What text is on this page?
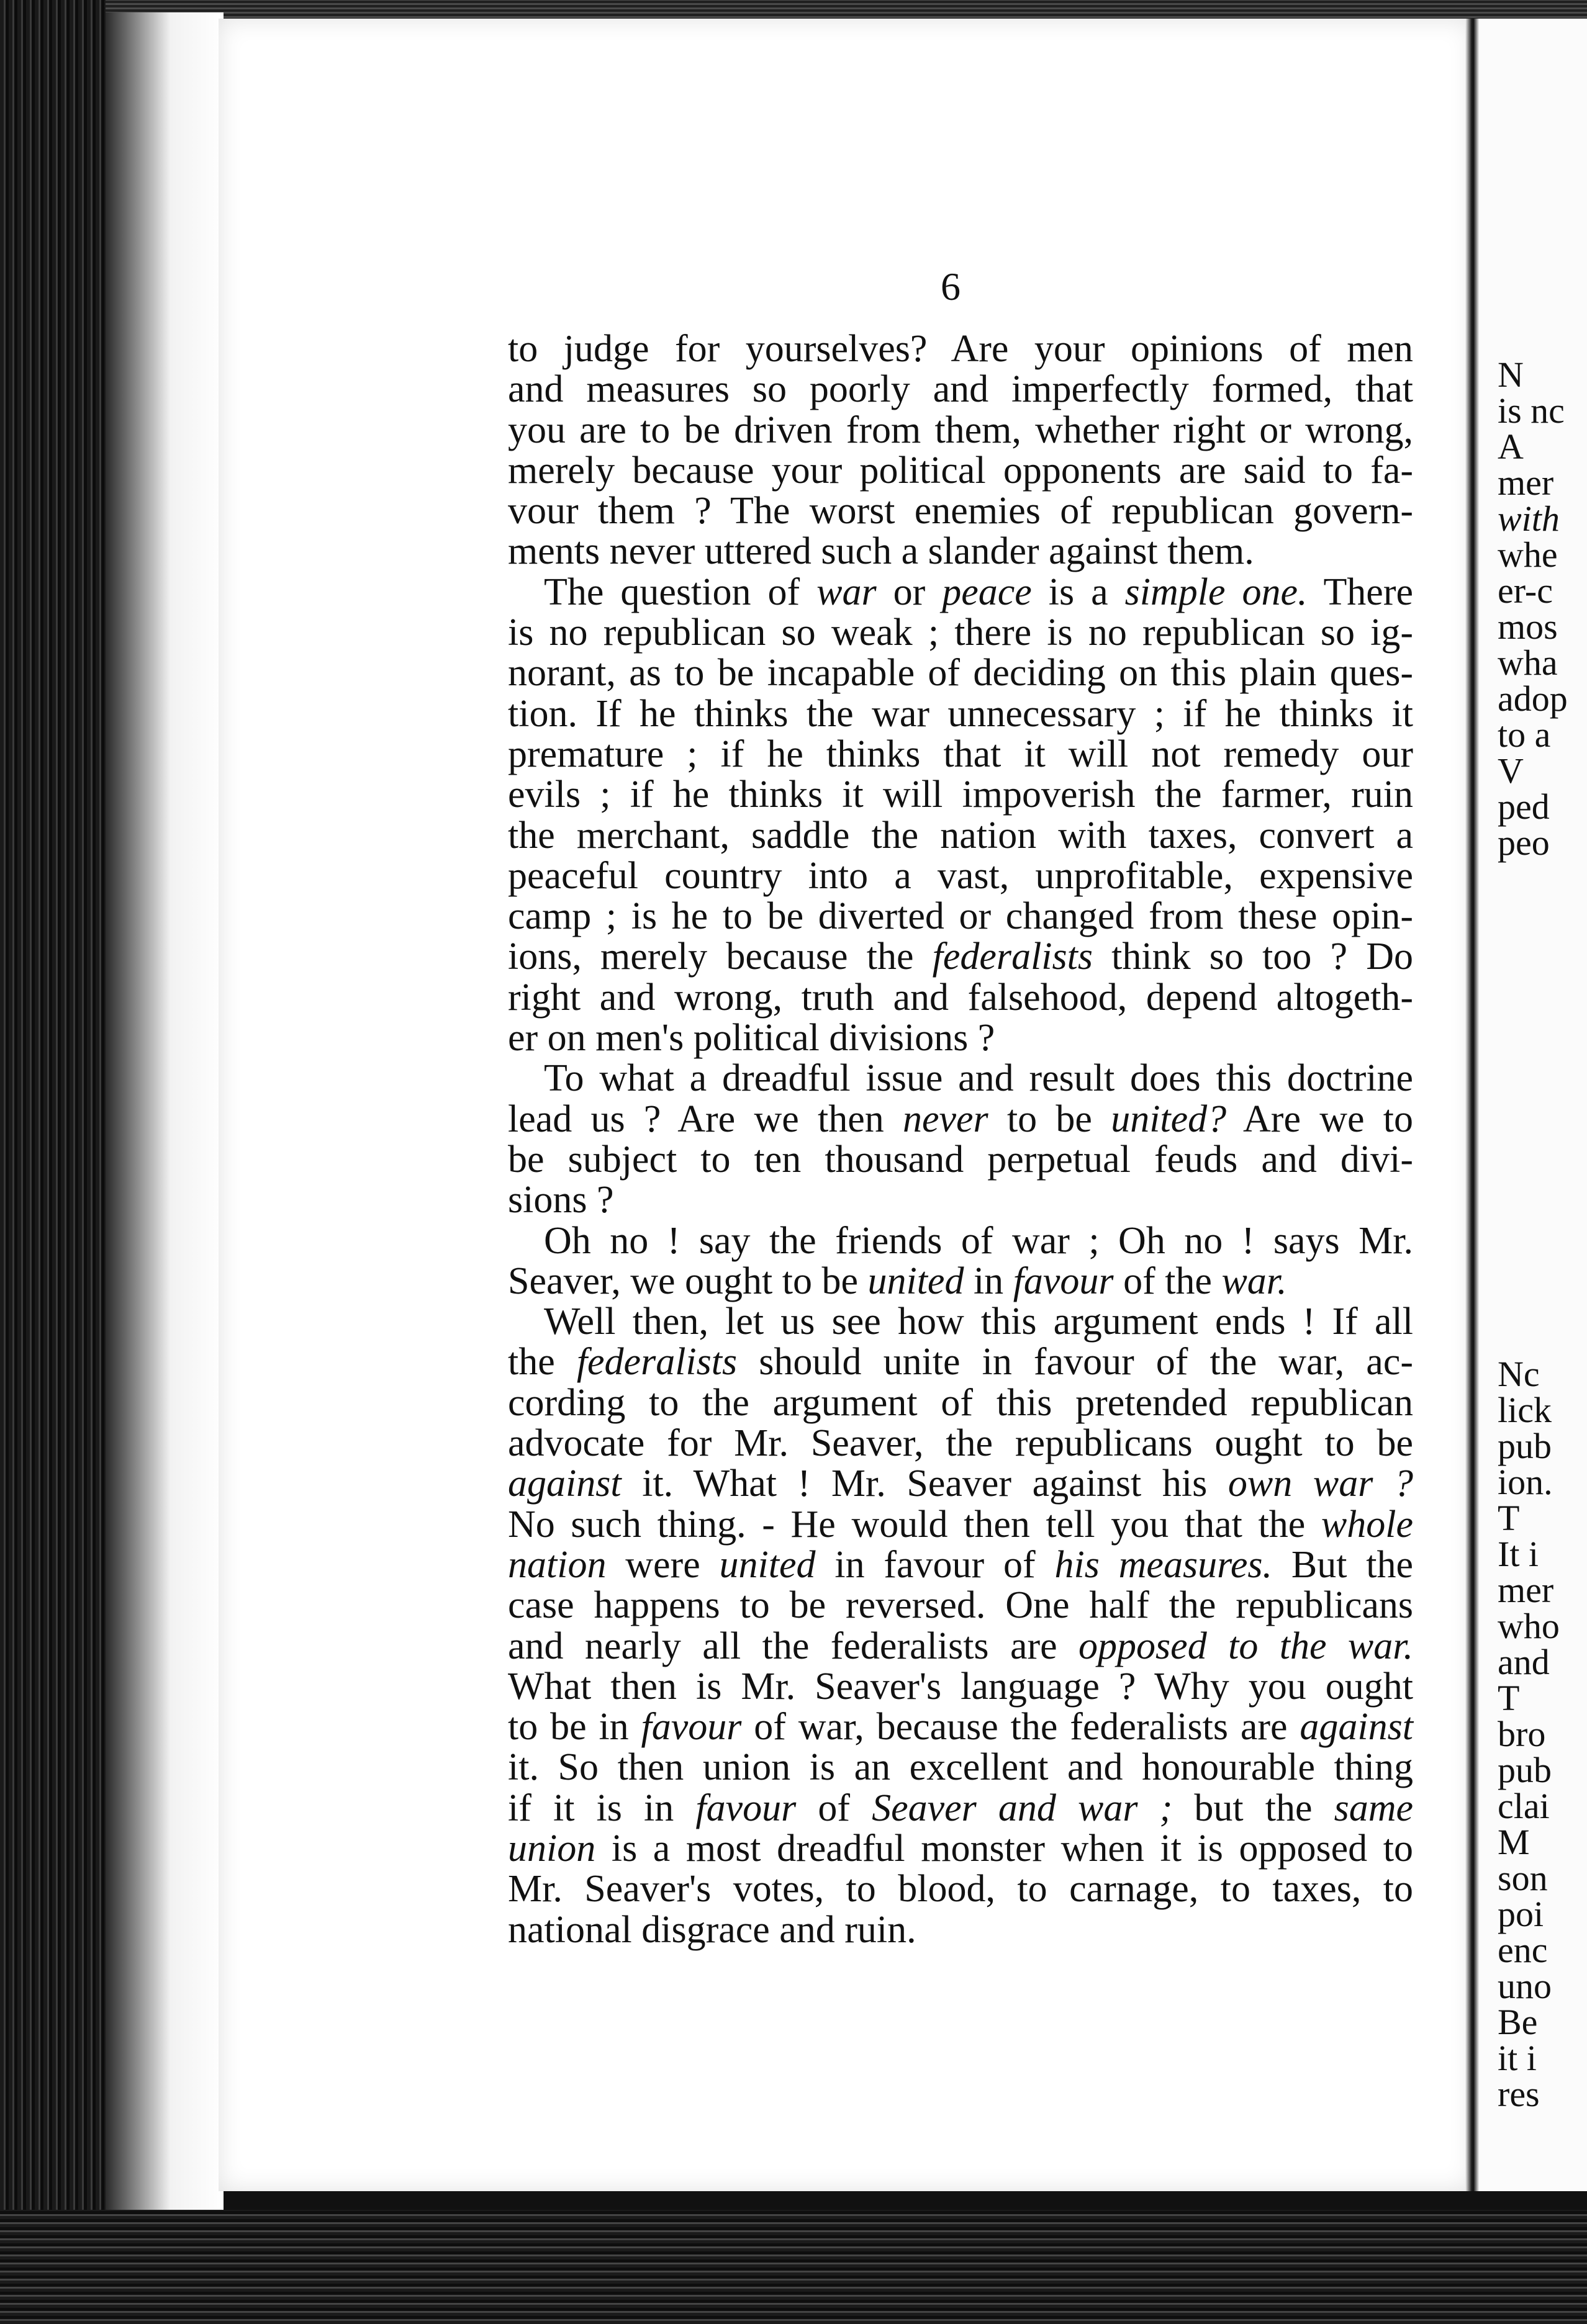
N
is nc
A
mer
with
whe
er-c
mos
wha
adop
to a
V
ped
peo
Nc
lick
pub
ion.
T
It i
mer
who
and
T
bro
pub
clai
M
son
poi
enc
uno
Be
it i
res
6
to judge for yourselves? Are your opinions of men
and measures so poorly and imperfectly formed, that
you are to be driven from them, whether right or wrong,
merely because your political opponents are said to fa-
vour them ? The worst enemies of republican govern-
ments never uttered such a slander against them.
The question of war or peace is a simple one. There
is no republican so weak ; there is no republican so ig-
norant, as to be incapable of deciding on this plain ques-
tion. If he thinks the war unnecessary ; if he thinks it
premature ; if he thinks that it will not remedy our
evils ; if he thinks it will impoverish the farmer, ruin
the merchant, saddle the nation with taxes, convert a
peaceful country into a vast, unprofitable, expensive
camp ; is he to be diverted or changed from these opin-
ions, merely because the federalists think so too ? Do
right and wrong, truth and falsehood, depend altogeth-
er on men's political divisions ?
To what a dreadful issue and result does this doctrine
lead us ? Are we then never to be united? Are we to
be subject to ten thousand perpetual feuds and divi-
sions ?
Oh no ! say the friends of war ; Oh no ! says Mr.
Seaver, we ought to be united in favour of the war.
Well then, let us see how this argument ends ! If all
the federalists should unite in favour of the war, ac-
cording to the argument of this pretended republican
advocate for Mr. Seaver, the republicans ought to be
against it. What ! Mr. Seaver against his own war ?
No such thing. - He would then tell you that the whole
nation were united in favour of his measures. But the
case happens to be reversed. One half the republicans
and nearly all the federalists are opposed to the war.
What then is Mr. Seaver's language ? Why you ought
to be in favour of war, because the federalists are against
it. So then union is an excellent and honourable thing
if it is in favour of Seaver and war ; but the same
union is a most dreadful monster when it is opposed to
Mr. Seaver's votes, to blood, to carnage, to taxes, to
national disgrace and ruin.
